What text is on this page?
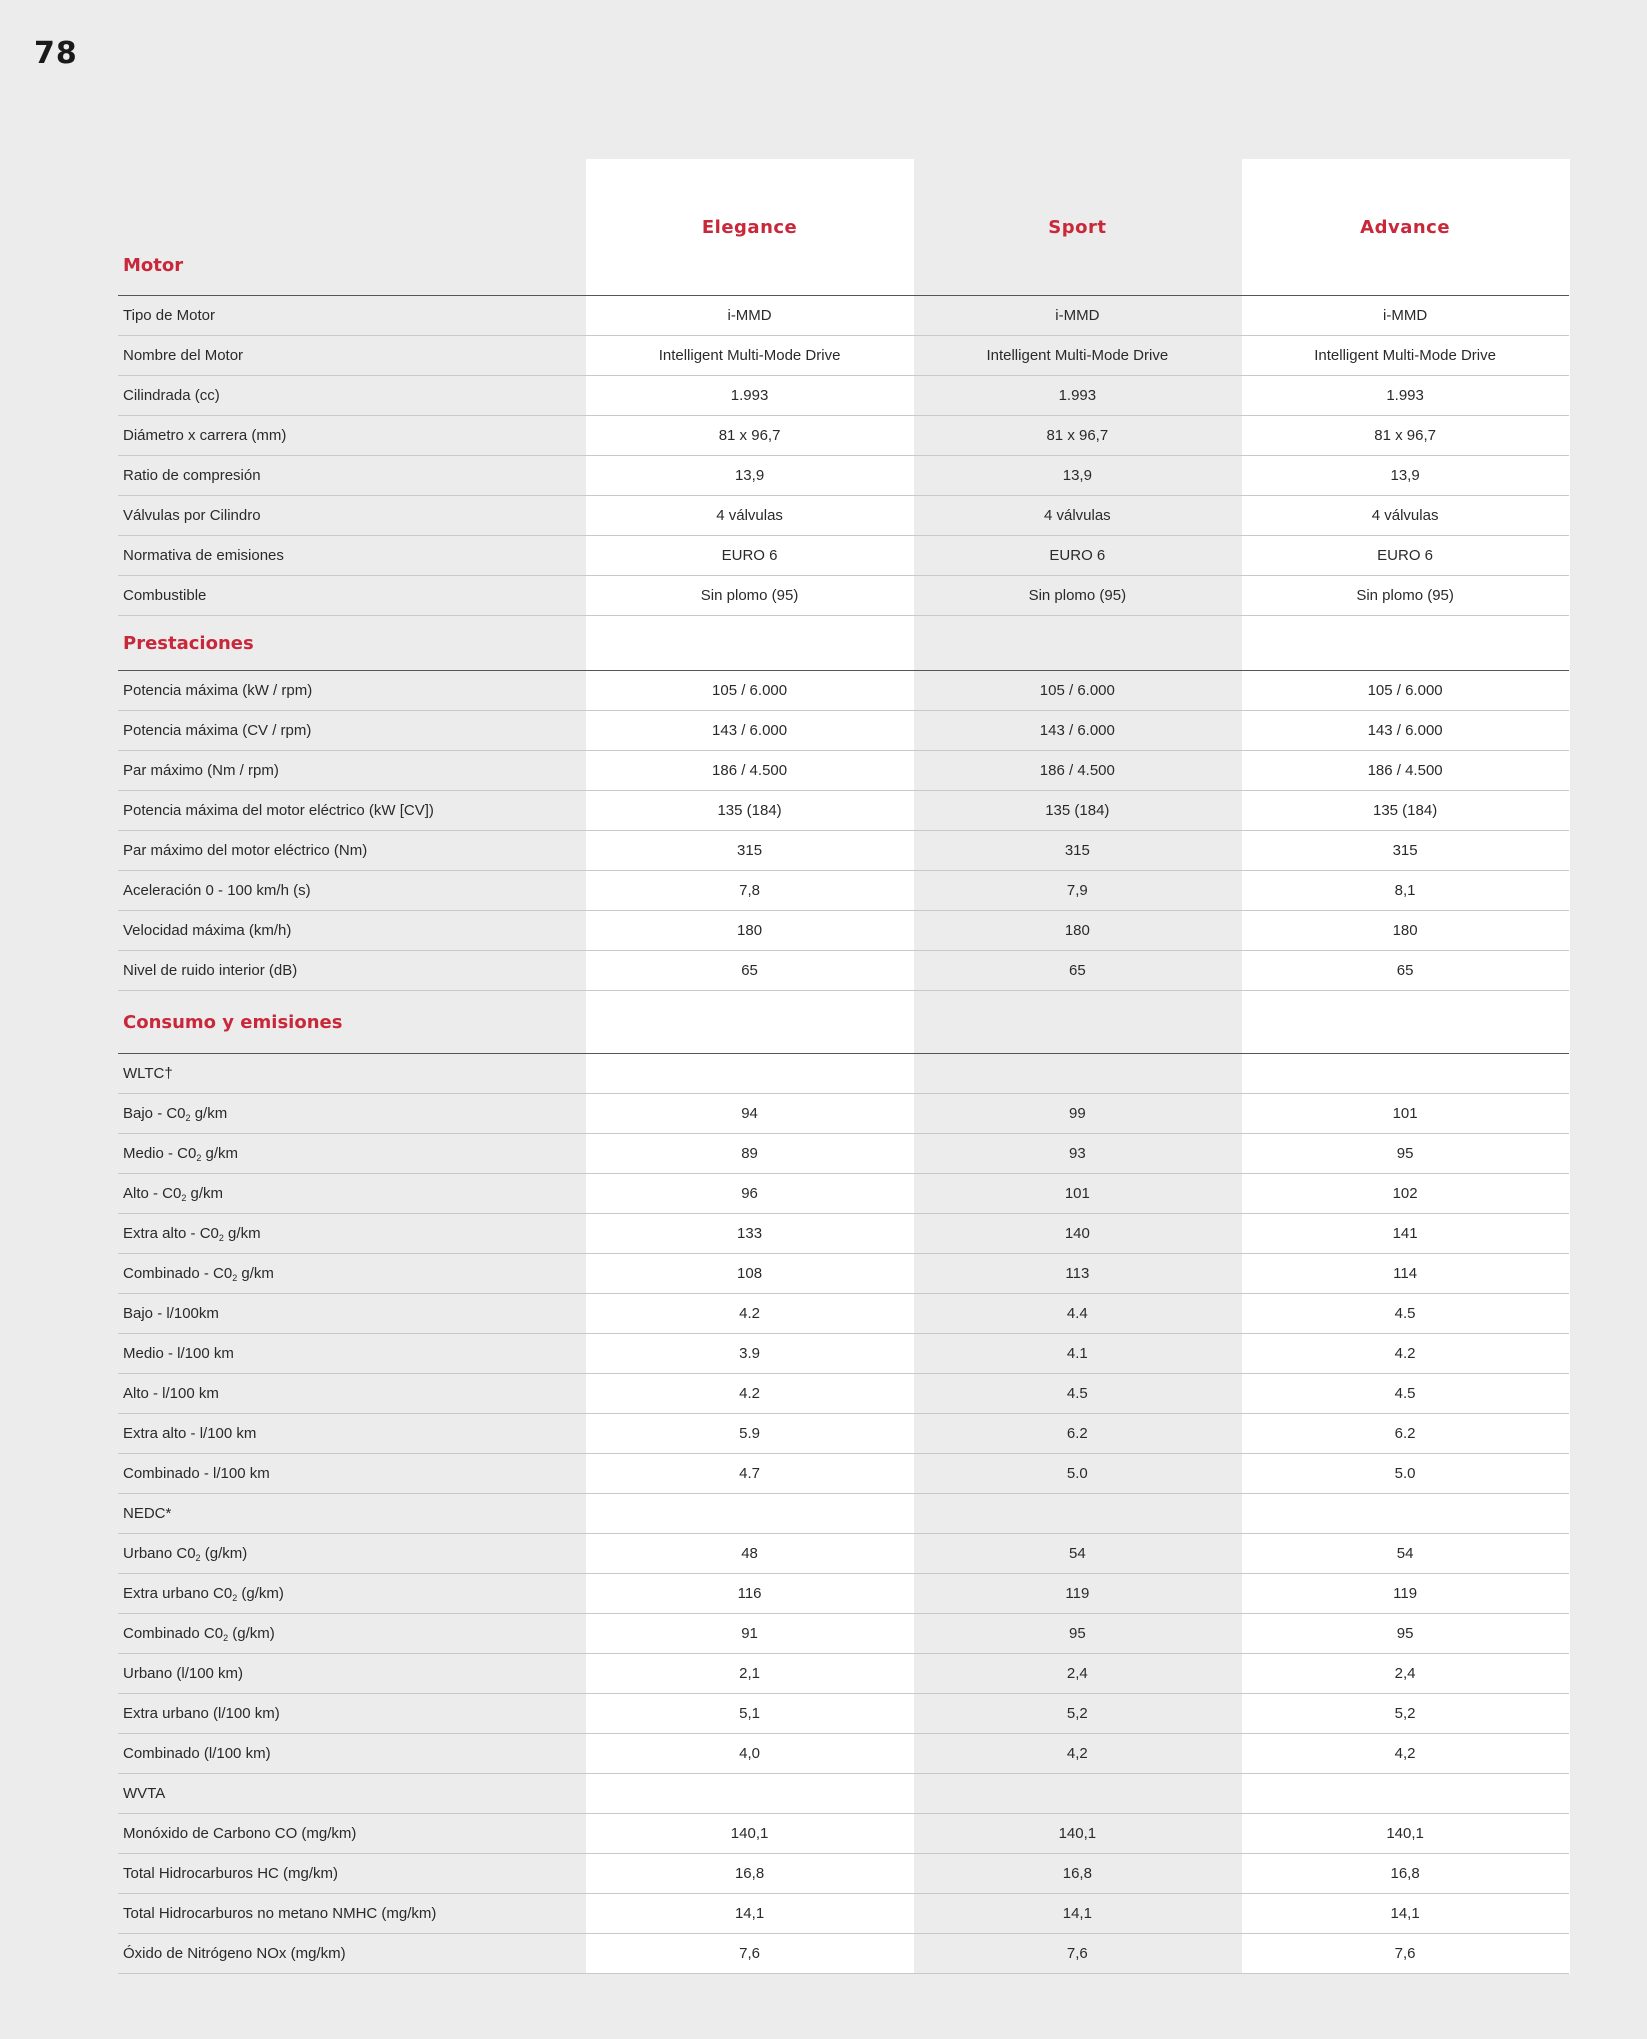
78
Motor
Elegance	Sport	Advance
Tipo de Motor	i-MMD	i-MMD	i-MMD
Nombre del Motor	Intelligent Multi-Mode Drive	Intelligent Multi-Mode Drive	Intelligent Multi-Mode Drive
Cilindrada (cc)	1.993	1.993	1.993
Diámetro x carrera (mm)	81 x 96,7	81 x 96,7	81 x 96,7
Ratio de compresión	13,9	13,9	13,9
Válvulas por Cilindro	4 válvulas	4 válvulas	4 válvulas
Normativa de emisiones	EURO 6	EURO 6	EURO 6
Combustible	Sin plomo (95)	Sin plomo (95)	Sin plomo (95)
Prestaciones
Potencia máxima (kW / rpm)	105 / 6.000	105 / 6.000	105 / 6.000
Potencia máxima (CV / rpm)	143 / 6.000	143 / 6.000	143 / 6.000
Par máximo (Nm / rpm)	186 / 4.500	186 / 4.500	186 / 4.500
Potencia máxima del motor eléctrico (kW [CV])	135 (184)	135 (184)	135 (184)
Par máximo del motor eléctrico (Nm)	315	315	315
Aceleración 0 - 100 km/h (s)	7,8	7,9	8,1
Velocidad máxima (km/h)	180	180	180
Nivel de ruido interior (dB)	65	65	65
Consumo y emisiones
WLTC†
Bajo - $C0_2$ g/km	94	99	101
Medio - $C0_2$ g/km	89	93	95
Alto - $C0_2$ g/km	96	101	102
Extra alto - $C0_2$ g/km	133	140	141
Combinado - $C0_2$ g/km	108	113	114
Bajo - l/100km	4.2	4.4	4.5
Medio - l/100 km	3.9	4.1	4.2
Alto - l/100 km	4.2	4.5	4.5
Extra alto - l/100 km	5.9	6.2	6.2
Combinado - l/100 km	4.7	5.0	5.0
NEDC*
Urbano $C0_2$ (g/km)	48	54	54
Extra urbano $C0_2$ (g/km)	116	119	119
Combinado $C0_2$ (g/km)	91	95	95
Urbano (l/100 km)	2,1	2,4	2,4
Extra urbano (l/100 km)	5,1	5,2	5,2
Combinado (l/100 km)	4,0	4,2	4,2
WVTA
Monóxido de Carbono CO (mg/km)	140,1	140,1	140,1
Total Hidrocarburos HC (mg/km)	16,8	16,8	16,8
Total Hidrocarburos no metano NMHC (mg/km)	14,1	14,1	14,1
Óxido de Nitrógeno NOx (mg/km)	7,6	7,6	7,6
